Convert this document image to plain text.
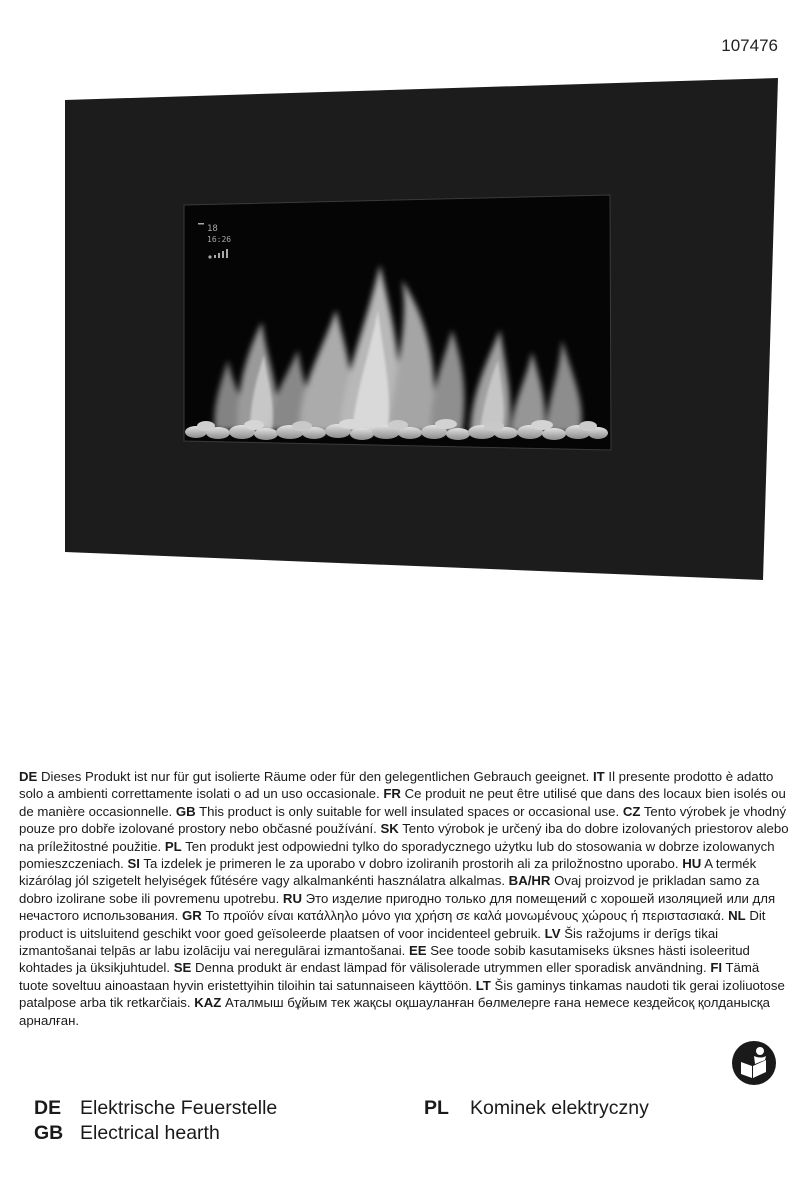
107476
18
16:26
DE Dieses Produkt ist nur für gut isolierte Räume oder für den gelegentlichen Gebrauch geeignet. IT Il presente prodotto è adatto solo a ambienti correttamente isolati o ad un uso occasionale. FR Ce produit ne peut être utilisé que dans des locaux bien isolés ou de manière occasionnelle. GB This product is only suitable for well insulated spaces or occasional use. CZ Tento výrobek je vhodný pouze pro dobře izolované prostory nebo občasné používání. SK Tento výrobok je určený iba do dobre izolovaných priestorov alebo na príležitostné použitie. PL Ten produkt jest odpowiedni tylko do sporadycznego użytku lub do stosowania w dobrze izolowanych pomieszczeniach. SI Ta izdelek je primeren le za uporabo v dobro izoliranih prostorih ali za priložnostno uporabo. HU A termék kizárólag jól szigetelt helyiségek fűtésére vagy alkalmankénti használatra alkalmas. BA/HR Ovaj proizvod je prikladan samo za dobro izolirane sobe ili povremenu upotrebu. RU Это изделие пригодно только для помещений с хорошей изоляцией или для нечастого использования. GR Το προϊόν είναι κατάλληλο μόνο για χρήση σε καλά μονωμένους χώρους ή περιστασιακά. NL Dit product is uitsluitend geschikt voor goed geïsoleerde plaatsen of voor incidenteel gebruik. LV Šis ražojums ir derīgs tikai izmantošanai telpās ar labu izolāciju vai neregulārai izmantošanai. EE See toode sobib kasutamiseks üksnes hästi isoleeritud kohtades ja üksikjuhtudel. SE Denna produkt är endast lämpad för välisolerade utrymmen eller sporadisk användning. FI Tämä tuote soveltuu ainoastaan hyvin eristettyihin tiloihin tai satunnaiseen käyttöön. LT Šis gaminys tinkamas naudoti tik gerai izoliuotose patalpose arba tik retkarčiais. KAZ Аталмыш бұйым тек жақсы оқшауланған бөлмелерге ғана немесе кездейсоқ қолданысқа арналған.
DE Elektrische Feuerstelle
GB Electrical hearth
PL Kominek elektryczny
